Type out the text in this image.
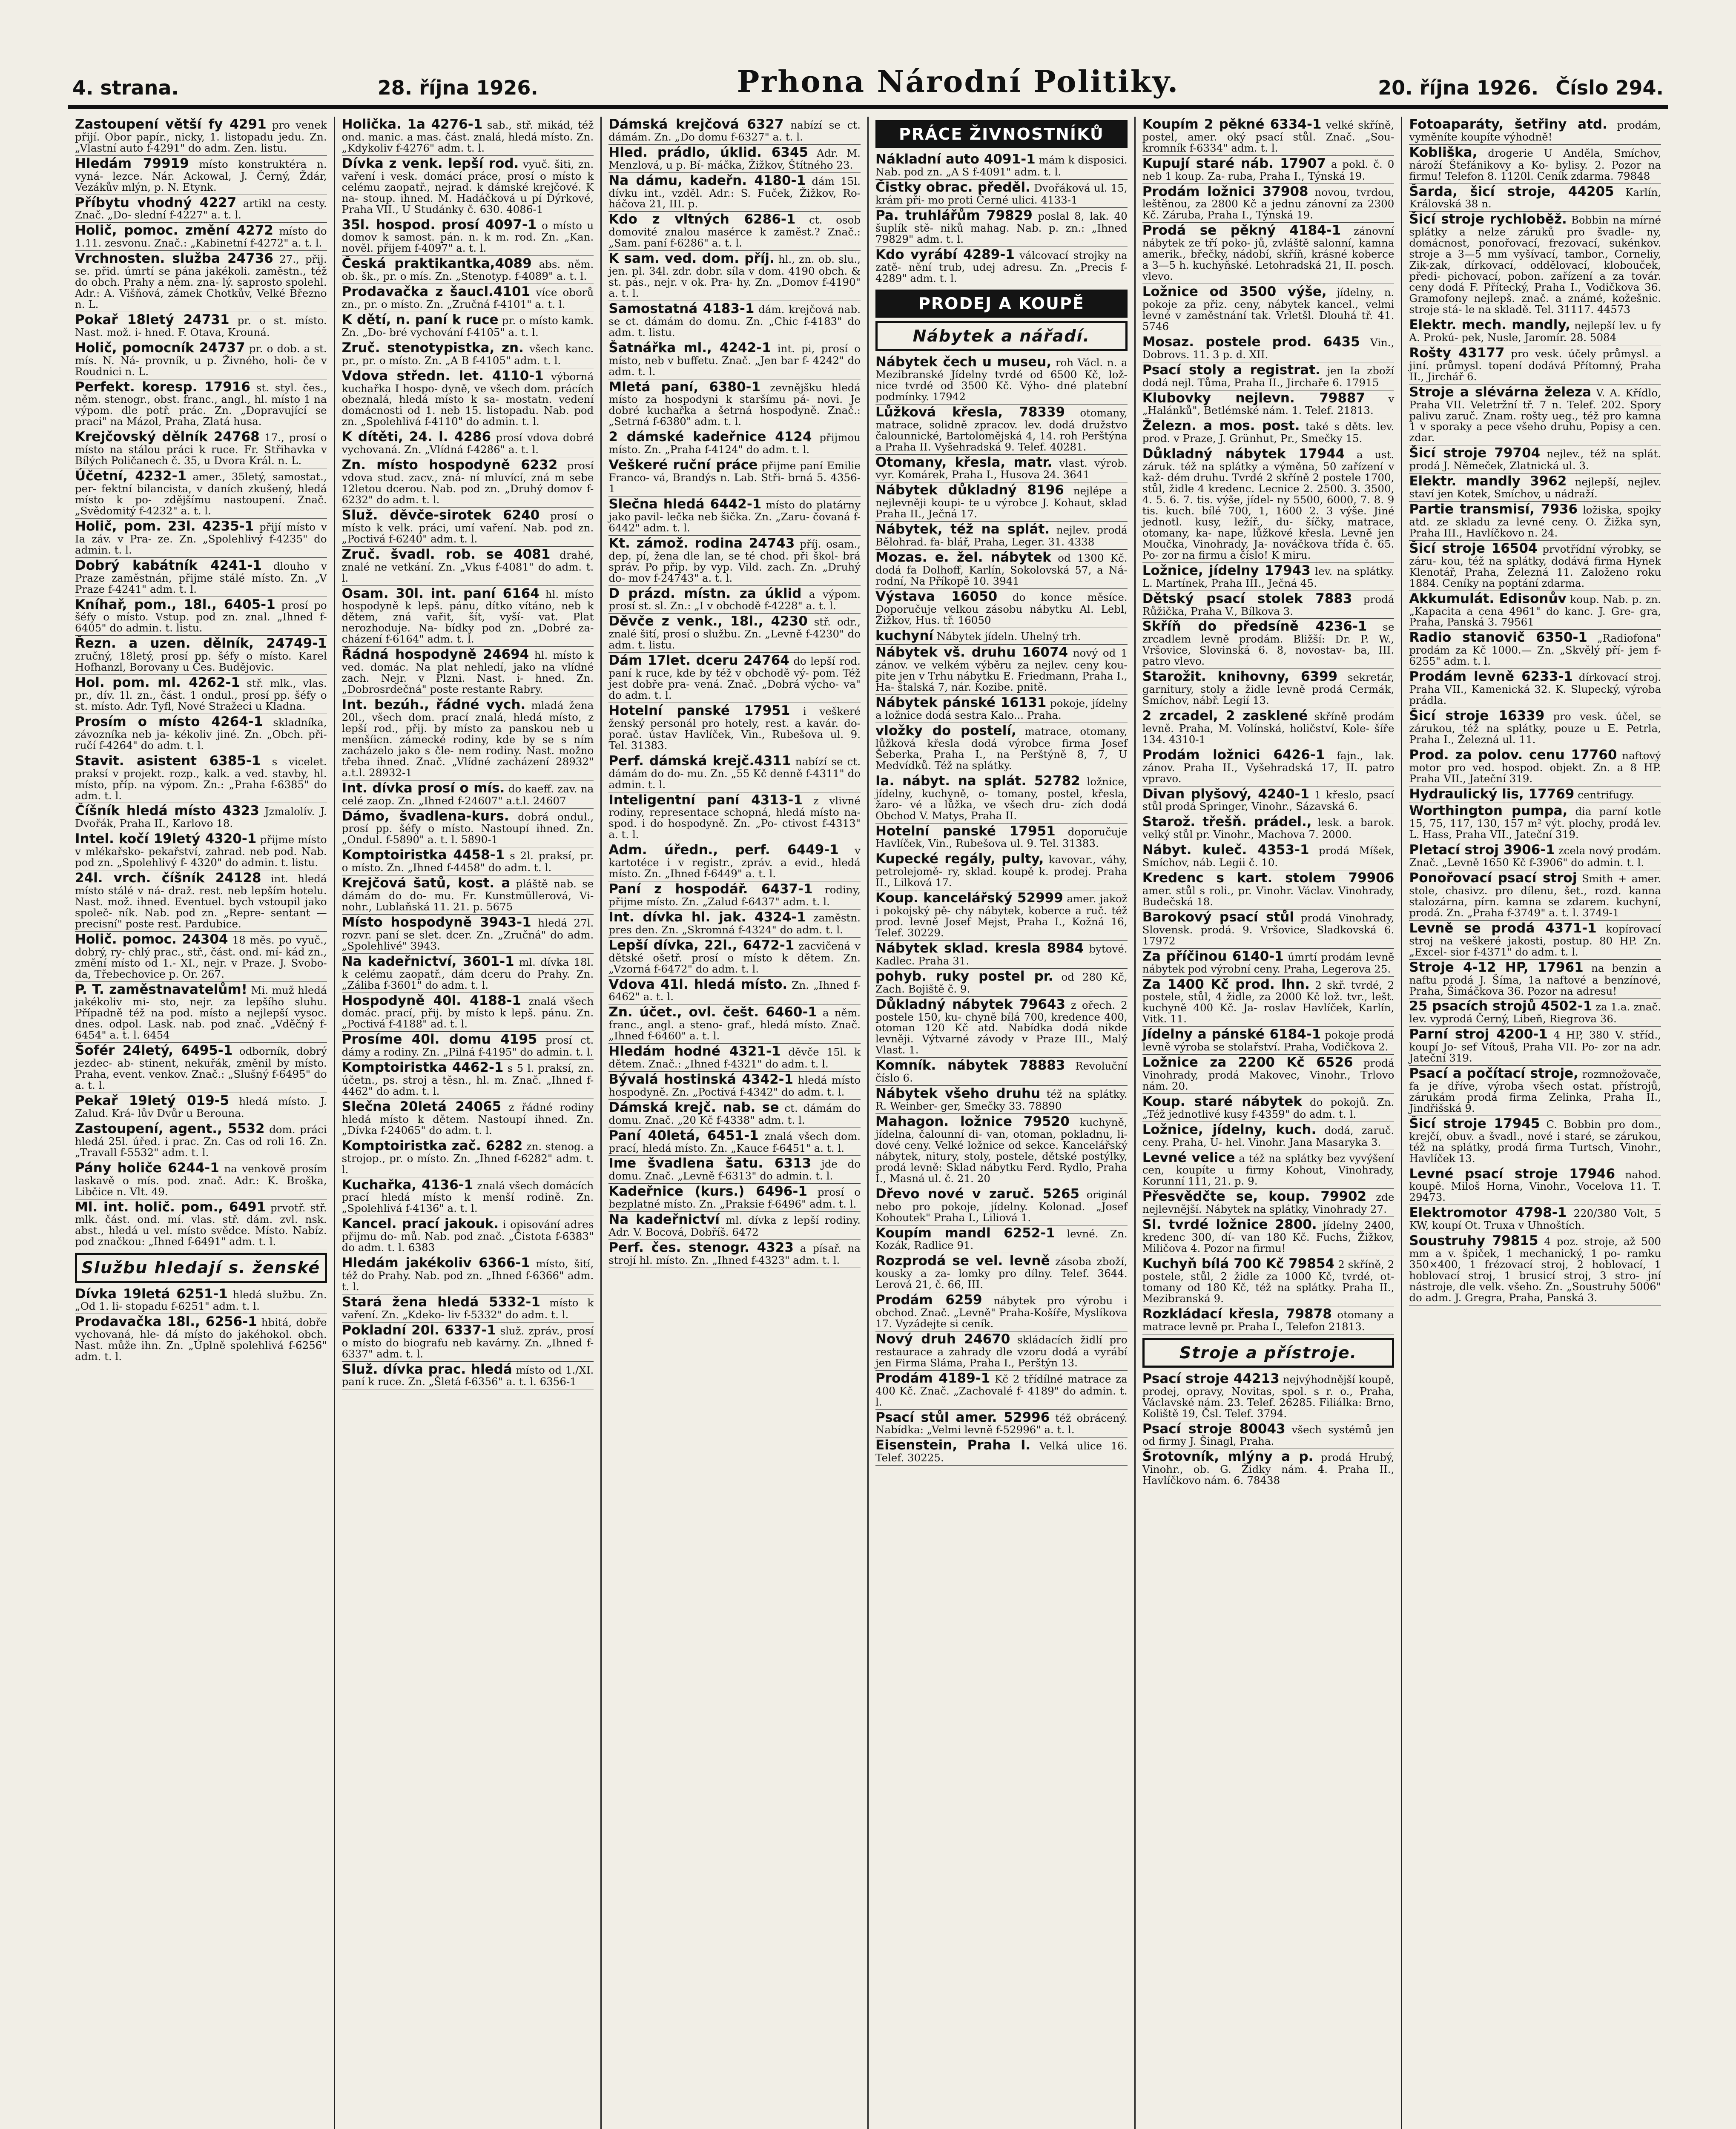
4. strana.	28. října 1926.	Prhona Národní Politiky.	20. října 1926. Číslo 294.
Zastoupení větší fy 4291 pro venek přijí. Obor papír., nicky, 1. listopadu jedu. Zn. „Vlastní auto f-4291" do adm. Zen. listu.
Hledám 79919 místo konstruktéra n. vyná- lezce. Nár. Ackowal, J. Černý, Ždár, Vezákův mlýn, p. N. Etynk.
Příbytu vhodný 4227 artikl na cesty. Znač. „Do- slední f-4227" a. t. l.
Holič, pomoc. změní 4272 místo do 1.11. zesvonu. Znač.: „Kabinetní f-4272" a. t. l.
Vrchnosten. služba 24736 27., přij. se. přid. úmrtí se pána jakékoli. zaměstn., též do obch. Prahy a něm. zna- lý. saprosto spolehl. Adr.: A. Višňová, zámek Chotkův, Velké Březno n. L.
Pokař 18letý 24731 pr. o st. místo. Nast. mož. i- hned. F. Otava, Krouná.
Holič, pomocník 24737 pr. o dob. a st. mís. N. Ná- provník, u p. Živného, holi- če v Roudnici n. L.
Perfekt. koresp. 17916 st. styl. čes., něm. stenogr., obst. franc., angl., hl. místo 1 na výpom. dle potř. prác. Zn. „Dopravující se praci" na Mázol, Praha, Zlatá husa.
Krejčovský dělník 24768 17., prosí o místo na stálou práci k ruce. Fr. Střihavka v Bílých Poličanech č. 35, u Dvora Král. n. L.
Účetní, 4232-1 amer., 35letý, samostat., per- fektní bilancista, v daních zkušený, hledá místo k po- zdějšímu nastoupení. Znač. „Svědomitý f-4232" a. t. l.
Holič, pom. 23l. 4235-1 přijí místo v Ia záv. v Pra- ze. Zn. „Spolehlivý f-4235" do admin. t. l.
Dobrý kabátník 4241-1 dlouho v Praze zaměstnán, přijme stálé místo. Zn. „V Praze f-4241" adm. t. l.
Kníhař, pom., 18l., 6405-1 prosí po šéfy o místo. Vstup. pod zn. znal. „Ihned f-6405" do admin. t. listu.
Řezn. a uzen. dělník, 24749-1 zručný, 18letý, prosí pp. šéfy o místo. Karel Hofhanzl, Borovany u Čes. Budějovic.
Hol. pom. ml. 4262-1 stř. mlk., vlas. pr., dív. 1l. zn., část. 1 ondul., prosí pp. šéfy o st. místo. Adr. Tyfl, Nové Stražeci u Kladna.
Prosím o místo 4264-1 skladníka, závozníka neb ja- kékoliv jiné. Zn. „Obch. při- ručí f-4264" do adm. t. l.
Stavit. asistent 6385-1 s vicelet. praksí v projekt. rozp., kalk. a ved. stavby, hl. místo, příp. na výpom. Zn.: „Praha f-6385" do adm. t. l.
Číšník hledá místo 4323 Jzmalolív. J. Dvořák, Praha II., Karlovo 18.
Intel. kočí 19letý 4320-1 přijme místo v mlékařsko- pekařství, zahrad. neb pod. Nab. pod zn. „Spolehlivý f- 4320" do admin. t. listu.
24l. vrch. číšník 24128 int. hledá místo stálé v ná- draž. rest. neb lepším hotelu. Nast. mož. ihned. Eventuel. bych vstoupil jako společ- ník. Nab. pod zn. „Repre- sentant — precisní" poste rest. Pardubice.
Holič. pomoc. 24304 18 měs. po vyuč., dobrý, ry- chlý prac., stř., část. ond. mí- kád zn., změní místo od 1.- XI., nejr. v Praze. J. Svobo- da, Třebechovice p. Or. 267.
P. T. zaměstnavatelům! Mi. muž hledá jakékoliv mi- sto, nejr. za lepšího sluhu. Případně též na pod. místo a nejlepší vysoc. dnes. odpol. Lask. nab. pod znač. „Vděčný f-6454" a. t. l. 6454
Šofér 24letý, 6495-1 odborník, dobrý jezdec- ab- stinent, nekuřák, změnil by místo. Praha, event. venkov. Znač.: „Slušný f-6495" do a. t. l.
Pekař 19letý 019-5 hledá místo. J. Zalud. Krá- lův Dvůr u Berouna.
Zastoupení, agent., 5532 dom. práci hledá 25l. úřed. i prac. Zn. Cas od roli 16. Zn. „Travall f-5532" adm. t. l.
Pány holiče 6244-1 na venkově prosím laskavě o mís. pod. znač. Adr.: K. Broška, Libčice n. Vlt. 49.
Ml. int. holič. pom., 6491 prvotř. stř. mlk. část. ond. mí. vlas. stř. dám. zvl. nsk. abst., hledá u vel. místo svědce. Místo. Nabíz. pod značkou: „Ihned f-6491" adm. t. l.
Službu hledají s. ženské
Dívka 19letá 6251-1 hledá službu. Zn. „Od 1. li- stopadu f-6251" adm. t. l.
Prodavačka 18l., 6256-1 hbitá, dobře vychovaná, hle- dá místo do jakéhokol. obch. Nast. může ihn. Zn. „Úplně spolehlivá f-6256" adm. t. l.
Holička. 1a 4276-1 sab., stř. mikád, též ond. manic. a mas. část. znalá, hledá místo. Zn. „Kdykoliv f-4276" adm. t. l.
Dívka z venk. lepší rod. vyuč. šiti, zn. vaření i vesk. domácí práce, prosí o místo k celému zaopatř., nejrad. k dámské krejčové. K na- stoup. ihned. M. Hadáčková u pí Dýrkové, Praha VII., U Studánky č. 630. 4086-1
35l. hospod. prosí 4097-1 o místo u domov k samost. pán. n. k m. rod. Zn. „Kan. nověl. přijem f-4097" a. t. l.
Česká praktikantka,4089 abs. něm. ob. šk., pr. o mís. Zn. „Stenotyp. f-4089" a. t. l.
Prodavačka z šaucl.4101 více oborů zn., pr. o místo. Zn. „Zručná f-4101" a. t. l.
K dětí, n. paní k ruce pr. o místo kamk. Zn. „Do- bré vychování f-4105" a. t. l.
Zruč. stenotypistka, zn. všech kanc. pr., pr. o místo. Zn. „A B f-4105" adm. t. l.
Vdova středn. let. 4110-1 výborná kuchařka I hospo- dyně, ve všech dom. prácích obeznalá, hledá místo k sa- mostatn. vedení domácnosti od 1. neb 15. listopadu. Nab. pod zn. „Spolehlivá f-4110" do admin. t. l.
K dítěti, 24. l. 4286 prosí vdova dobré vychovaná. Zn. „Vlídná f-4286" a. t. l.
Zn. místo hospodyně 6232 prosí vdova stud. zacv., zná- ní mluvící, zná m sebe 12letou dcerou. Nab. pod zn. „Druhý domov f-6232" do adm. t. l.
Služ. děvče-sirotek 6240 prosí o místo k velk. práci, umí vaření. Nab. pod zn. „Poctivá f-6240" adm. t. l.
Zruč. švadl. rob. se 4081 drahé, znalé ne vetkání. Zn. „Vkus f-4081" do adm. t. l.
Osam. 30l. int. paní 6164 hl. místo hospodyně k lepš. pánu, dítko vítáno, neb k dětem, zná vařit, šít, vyší- vat. Plat nerozhoduje. Na- bídky pod zn. „Dobré za- cházení f-6164" adm. t. l.
Řádná hospodyně 24694 hl. místo k ved. domác. Na plat nehledí, jako na vlídné zach. Nejr. v Plzni. Nast. i- hned. Zn. „Dobrosrdečná" poste restante Rabry.
Int. bezúh., řádné vych. mladá žena 20l., všech dom. prací znalá, hledá místo, z lepší rod., přij. by místo za panskou neb u menšíicn. zámecké rodiny, kde by se s ním zacházelo jako s čle- nem rodiny. Nast. možno třeba ihned. Znač. „Vlídné zacházení 28932" a.t.l. 28932-1
Int. dívka prosí o mís. do kaeff. zav. na celé zaop. Zn. „Ihned f-24607" a.t.l. 24607
Dámo, švadlena-kurs. dobrá ondul., prosí pp. šéfy o místo. Nastoupí ihned. Zn. „Ondul. f-5890" a. t. l. 5890-1
Komptoiristka 4458-1 s 2l. praksí, pr. o místo. Zn. „Ihned f-4458" do adm. t. l.
Krejčová šatů, kost. a pláště nab. se dámám do do- mu. Fr. Kunstmüllerová, Vi- nohr., Lublaňská 11. 21. p. 5675
Místo hospodyně 3943-1 hledá 27l. rozvr. paní se slet. dcer. Zn. „Zručná" do adm. „Spolehlivé" 3943.
Na kadeřnictví, 3601-1 ml. dívka 18l. k celému zaopatř., dám dceru do Prahy. Zn. „Záliba f-3601" do adm. t. l.
Hospodyně 40l. 4188-1 znalá všech domác. prací, přij. by místo k lepš. pánu. Zn. „Poctivá f-4188" ad. t. l.
Prosíme 40l. domu 4195 prosí ct. dámy a rodiny. Zn. „Pilná f-4195" do admin. t. l.
Komptoiristka 4462-1 s 5 l. praksí, zn. účetn., ps. stroj a těsn., hl. m. Znač. „Ihned f-4462" do adm. t. l.
Slečna 20letá 24065 z řádné rodiny hledá místo k dětem. Nastoupí ihned. Zn. „Dívka f-24065" do adm. t. l.
Komptoiristka zač. 6282 zn. stenog. a strojop., pr. o místo. Zn. „Ihned f-6282" adm. t. l.
Kuchařka, 4136-1 znalá všech domácích prací hledá místo k menší rodině. Zn. „Spolehlivá f-4136" a. t. l.
Kancel. prací jakouk. i opisování adres přijmu do- mů. Nab. pod znač. „Čistota f-6383" do adm. t. l. 6383
Hledám jakékoliv 6366-1 místo, šití, též do Prahy. Nab. pod zn. „Ihned f-6366" adm. t. l.
Stará žena hledá 5332-1 místo k vaření. Zn. „Kdeko- liv f-5332" do adm. t. l.
Pokladní 20l. 6337-1 služ. zpráv., prosí o místo do biografu neb kavárny. Zn. „Ihned f-6337" adm. t. l.
Služ. dívka prac. hledá místo od 1./XI. paní k ruce. Zn. „Šletá f-6356" a. t. l. 6356-1
Dámská krejčová 6327 nabízí se ct. dámám. Zn. „Do domu f-6327" a. t. l.
Hled. prádlo, úklid. 6345 Adr. M. Menzlová, u p. Bí- máčka, Žižkov, Štítného 23.
Na dámu, kadeřn. 4180-1 dám 15l. dívku int., vzděl. Adr.: S. Fuček, Žižkov, Ro- háčova 21, III. p.
Kdo z vltných 6286-1 ct. osob domovité znalou masérce k zaměst.? Znač.: „Sam. paní f-6286" a. t. l.
K sam. ved. dom. příj. hl., zn. ob. slu., jen. pl. 34l. zdr. dobr. síla v dom. 4190 obch. & st. pás., nejr. v ok. Pra- hy. Zn. „Domov f-4190" a. t. l.
Samostatná 4183-1 dám. krejčová nab. se ct. dámám do domu. Zn. „Chic f-4183" do adm. t. listu.
Šatnářka ml., 4242-1 int. pi, prosí o místo, neb v buffetu. Znač. „Jen bar f- 4242" do adm. t. l.
Mletá paní, 6380-1 zevnějšku hledá místo za hospodyni k staršímu pá- novi. Je dobré kuchařka a šetrná hospodyně. Znač.: „Setrná f-6380" adm. t. l.
2 dámské kadeřnice 4124 přijmou místo. Zn. „Praha f-4124" do adm. t. l.
Veškeré ruční práce přijme paní Emilie Franco- vá, Brandýs n. Lab. Stři- brná 5. 4356-1
Slečna hledá 6442-1 místo do platárny jako pavil- lečka neb šička. Zn. „Zaru- čovaná f-6442" adm. t. l.
Kt. zámož. rodina 24743 příj. osam., dep. pí, žena dle lan, se té chod. při škol- brá správ. Po přip. by vyp. Vild. zach. Zn. „Druhý do- mov f-24743" a. t. l.
D prázd. místn. za úklid a výpom. prosí st. sl. Zn.: „I v obchodě f-4228" a. t. l.
Děvče z venk., 18l., 4230 stř. odr., znalé šití, prosí o službu. Zn. „Levně f-4230" do adm. t. listu.
Dám 17let. dceru 24764 do lepší rod. paní k ruce, kde by též v obchodě vý- pom. Též jest dobře pra- vená. Znač. „Dobrá výcho- va" do adm. t. l.
Hotelní panské 17951 i veškeré ženský personál pro hotely, rest. a kavár. do- porač. ústav Havlíček, Vin., Rubešova ul. 9. Tel. 31383.
Perf. dámská krejč.4311 nabízí se ct. dámám do do- mu. Zn. „55 Kč denně f-4311" do admin. t. l.
Inteligentní paní 4313-1 z vlivné rodiny, representace schopná, hledá místo na- spod. i do hospodyně. Zn. „Po- ctivost f-4313" a. t. l.
Adm. úředn., perf. 6449-1 v kartotéce i v registr., zpráv. a evid., hledá místo. Zn. „Ihned f-6449" a. t. l.
Paní z hospodář. 6437-1 rodiny, přijme místo. Zn. „Zalud f-6437" adm. t. l.
Int. dívka hl. jak. 4324-1 zaměstn. pres den. Zn. „Skromná f-4324" do adm. t. l.
Lepší dívka, 22l., 6472-1 zacvičená v dětské ošetř. prosí o místo k dětem. Zn. „Vzorná f-6472" do adm. t. l.
Vdova 41l. hledá místo. Zn. „Ihned f-6462" a. t. l.
Zn. účet., ovl. češt. 6460-1 a něm. franc., angl. a steno- graf., hledá místo. Znač. „Ihned f-6460" a. t. l.
Hledám hodné 4321-1 děvče 15l. k dětem. Znač.: „Ihned f-4321" do adm. t. l.
Bývalá hostinská 4342-1 hledá místo hospodyně. Zn. „Poctivá f-4342" do adm. t. l.
Dámská krejč. nab. se ct. dámám do domu. Znač. „20 Kč f-4338" adm. t. l.
Paní 40letá, 6451-1 znalá všech dom. prací, hledá místo. Zn. „Kauce f-6451" a. t. l.
Ime švadlena šatu. 6313 jde do domu. Znač. „Levně f-6313" do admin. t. l.
Kadeřnice (kurs.) 6496-1 prosí o bezplatné místo. Zn. „Praksie f-6496" adm. t. l.
Na kadeřnictví ml. dívka z lepší rodiny. Adr. V. Bocová, Dobříš. 6472
Perf. čes. stenogr. 4323 a písař. na strojí hl. místo. Zn. „Ihned f-4323" adm. t. l.
PRÁCE ŽIVNOSTNÍKŮ
Nákladní auto 4091-1 mám k disposici. Nab. pod zn. „A S f-4091" adm. t. l.
Čistky obrac. předěl. Dvořáková ul. 15, krám při- mo proti Černé ulici. 4133-1
Pa. truhlářům 79829 poslal 8, lak. 40 šuplík stě- niků mahag. Nab. p. zn.: „Ihned 79829" adm. t. l.
Kdo vyrábí 4289-1 válcovací strojky na zatě- nění trub, udej adresu. Zn. „Precis f-4289" adm. t. l.
PRODEJ A KOUPĚ
Nábytek a nářadí.
Nábytek čech u museu, roh Václ. n. a Mezibranské Jídelny tvrdé od 6500 Kč, lož- nice tvrdé od 3500 Kč. Výho- dné platební podmínky. 17942
Lůžková křesla, 78339 otomany, matrace, solidně zpracov. lev. dodá družstvo čalounnické, Bartolomějská 4, 14. roh Perštýna a Praha II. Vyšehradská 9. Telef. 40281.
Otomany, křesla, matr. vlast. výrob. vyr. Komárek, Praha I., Husova 24. 3641
Nábytek důkladný 8196 nejlépe a nejlevněji koupi- te u výrobce J. Kohaut, sklad Praha II., Ječná 17.
Nábytek, též na splát. nejlev. prodá Bělohrad. fa- blář, Praha, Leger. 31. 4338
Mozas. e. žel. nábytek od 1300 Kč. dodá fa Dolhoff, Karlín, Sokolovská 57, a Ná- rodní, Na Příkopě 10. 3941
Výstava 16050 do konce měsíce. Doporučuje velkou zásobu nábytku Al. Lebl, Žižkov, Hus. tř. 16050
kuchyní Nábytek jídeln. Uhelný trh.
Nábytek vš. druhu 16074 nový od 1 zánov. ve velkém výběru za nejlev. ceny kou- pite jen v Trhu nábytku E. Friedmann, Praha I., Ha- štalská 7, nár. Kozibe. pnitě.
Nábytek pánské 16131 pokoje, jídelny a ložnice dodá sestra Kalo... Praha.
vložky do postelí, matrace, otomany, lůžková křesla dodá výrobce firma Josef Šeberka, Praha I., na Perštýně 8, 7, U Medvídků. Též na splátky.
Ia. nábyt. na splát. 52782 ložnice, jídelny, kuchyně, o- tomany, postel, křesla, žaro- vé a lůžka, ve všech dru- zích dodá Obchod V. Matys, Praha II.
Hotelní panské 17951 doporučuje Havlíček, Vin., Rubešova ul. 9. Tel. 31383.
Kupecké regály, pulty, kavovar., váhy, petrolejomě- ry, sklad. koupě k. prodej. Praha II., Lilková 17.
Koup. kancelářský 52999 amer. jakož i pokojský pě- chy nábytek, koberce a ruč. též prod. levně Josef Mejst, Praha I., Kožná 16, Telef. 30229.
Nábytek sklad. kresla 8984 bytové. Kadlec. Praha 31.
pohyb. ruky postel pr. od 280 Kč, Zach. Bojiště č. 9.
Důkladný nábytek 79643 z ořech. 2 postele 150, ku- chyně bílá 700, kredence 400, otoman 120 Kč atd. Nabídka dodá nikde levněji. Výtvarné závody v Praze III., Malý Vlast. 1.
Komník. nábytek 78883 Revoluční číslo 6.
Nábytek všeho druhu též na splátky. R. Weinber- ger, Smečky 33. 78890
Mahagon. ložnice 79520 kuchyně, jídelna, čalounní di- van, otoman, pokladnu, li- dové ceny. Velké ložnice od sekce. Kancelářský nábytek, nitury, stoly, postele, dětské postýlky, prodá levně: Sklad nábytku Ferd. Rydlo, Praha I., Masná ul. č. 21. 20
Dřevo nové v zaruč. 5265 originál nebo pro pokoje, jídelny. Kolonad. „Josef Kohoutek" Praha I., Liliová 1.
Koupím mandl 6252-1 levné. Zn. Kozák, Radlice 91.
Rozprodá se vel. levně zásoba zboží, kousky a za- lomky pro dílny. Telef. 3644. Lerová 21, č. 66, III.
Prodám 6259 nábytek pro výrobu i obchod. Znač. „Levně" Praha-Košíře, Myslíkova 17. Vyzádejte si ceník.
Nový druh 24670 skládacích židlí pro restaurace a zahrady dle vzoru dodá a vyrábí jen Firma Sláma, Praha I., Perštýn 13.
Prodám 4189-1 Kč 2 třídílné matrace za 400 Kč. Znač. „Zachovalé f- 4189" do admin. t. l.
Psací stůl amer. 52996 též obrácený. Nabídka: „Velmi levně f-52996" a. t. l.
Eisenstein, Praha I. Velká ulice 16. Telef. 30225.
Koupím 2 pěkné 6334-1 velké skříně, postel, amer. oký psací stůl. Znač. „Sou- kromník f-6334" adm. t. l.
Kupují staré náb. 17907 a pokl. č. 0 neb 1 koup. Za- ruba, Praha I., Týnská 19.
Prodám ložnici 37908 novou, tvrdou, leštěnou, za 2800 Kč a jednu zánovní za 2300 Kč. Záruba, Praha I., Týnská 19.
Prodá se pěkný 4184-1 zánovní nábytek ze tří poko- jů, zvláště salonní, kamna amerik., břečky, nádobí, skříň, krásné koberce a 3—5 h. kuchyňské. Letohradská 21, II. posch. vlevo.
Ložnice od 3500 výše, jídelny, n. pokoje za přiz. ceny, nábytek kancel., velmi levné v zaměstnání tak. Vrletšl. Dlouhá tř. 41. 5746
Mosaz. postele prod. 6435 Vin., Dobrovs. 11. 3 p. d. XII.
Psací stoly a registrat. jen Ia zboží dodá nejl. Tůma, Praha II., Jirchaře 6. 17915
Klubovky nejlevn. 79887 v „Halánků", Betlémské nám. 1. Telef. 21813.
Železn. a mos. post. také s děts. lev. prod. v Praze, J. Grünhut, Pr., Smečky 15.
Důkladný nábytek 17944 a ust. záruk. též na splátky a výměna, 50 zařízení v kaž- dém druhu. Tvrdé 2 skříně 2 postele 1700, stůl, židle 4 kredenc. Lecnice 2. 2500. 3. 3500, 4. 5. 6. 7. tis. výše, jídel- ny 5500, 6000, 7. 8. 9 tis. kuch. bílé 700, 1, 1600 2. 3 výše. Jiné jednotl. kusy, ležíř., du- šíčky, matrace, otomany, ka- nape, lůžkové křesla. Levně jen Moučka, Vinohrady, Ja- nováčkova třída č. 65. Po- zor na firmu a číslo! K miru.
Ložnice, jídelny 17943 lev. na splátky. L. Martínek, Praha III., Ječná 45.
Dětský psací stolek 7883 prodá Růžička, Praha V., Bílkova 3.
Skříň do předsíně 4236-1 se zrcadlem levně prodám. Bližší: Dr. P. W., Vršovice, Slovinská 6. 8, novostav- ba, III. patro vlevo.
Starožit. knihovny, 6399 sekretár, garnitury, stoly a židle levně prodá Cermák, Smíchov, nábř. Legií 13.
2 zrcadel, 2 zasklené skříně prodám levně. Praha, M. Volínská, holičství, Kole- šíře 134. 4310-1
Prodám ložnici 6426-1 fajn., lak. zánov. Praha II., Vyšehradská 17, II. patro vpravo.
Divan plyšový, 4240-1 1 křeslo, psací stůl prodá Springer, Vinohr., Sázavská 6.
Starož. třešň. prádel., lesk. a barok. velký stůl pr. Vinohr., Machova 7. 2000.
Nábyt. kuleč. 4353-1 prodá Míšek, Smíchov, náb. Legii č. 10.
Kredenc s kart. stolem 79906 amer. stůl s roli., pr. Vinohr. Václav. Vinohrady, Budečská 18.
Barokový psací stůl prodá Vinohrady, Slovensk. prodá. 9. Vršovice, Sladkovská 6. 17972
Za příčinou 6140-1 úmrtí prodám levně nábytek pod výrobní ceny. Praha, Legerova 25.
Za 1400 Kč prod. lhn. 2 skř. tvrdé, 2 postele, stůl, 4 židle, za 2000 Kč lož. tvr., lešt. kuchyně 400 Kč. Ja- roslav Havlíček, Karlín, Vitk. 11.
Jídelny a pánské 6184-1 pokoje prodá levně výroba se stolařství. Praha, Vodičkova 2.
Ložnice za 2200 Kč 6526 prodá Vinohrady, prodá Makovec, Vinohr., Trlovo nám. 20.
Koup. staré nábytek do pokojů. Zn. „Též jednotlivé kusy f-4359" do adm. t. l.
Ložnice, jídelny, kuch. dodá, zaruč. ceny. Praha, U- hel. Vinohr. Jana Masaryka 3.
Levné velice a též na splátky bez vyvýšení cen, koupíte u firmy Kohout, Vinohrady, Korunní 111, 21. p. 9.
Přesvědčte se, koup. 79902 zde nejlevnější. Nábytek na splátky, Vinohrady 27.
Sl. tvrdé ložnice 2800. jídelny 2400, kredenc 300, dí- van 180 Kč. Fuchs, Žižkov, Miličova 4. Pozor na firmu!
Kuchyň bílá 700 Kč 79854 2 skříně, 2 postele, stůl, 2 židle za 1000 Kč, tvrdé, ot- tomany od 180 Kč, též na splátky. Praha II., Mezibranská 9.
Rozkládací křesla, 79878 otomany a matrace levně pr. Praha I., Telefon 21813.
Stroje a přístroje.
Psací stroje 44213 nejvýhodnější koupě, prodej, opravy, Novitas, spol. s r. o., Praha, Václavské nám. 23. Telef. 26285. Filiálka: Brno, Koliště 19, Čsl. Telef. 3794.
Psací stroje 80043 všech systémů jen od firmy J. Šinagl, Praha.
Šrotovník, mlýny a p. prodá Hrubý, Vinohr., ob. G. Židky nám. 4. Praha II., Havlíčkovo nám. 6. 78438
Fotoaparáty, šetřiny atd. prodám, vyměníte koupíte výhodně!
Kobliška, drogerie U Anděla, Smíchov, nároží Štefánikovy a Ko- bylisy. 2. Pozor na firmu! Telefon 8. 1120l. Ceník zdarma. 79848
Šarda, šicí stroje, 44205 Karlín, Královská 38 n.
Šicí stroje rychloběž. Bobbin na mírné splátky a nelze záruků pro švadle- ny, domácnost, ponořovací, frezovací, sukénkov. stroje a 3—5 mm vyšívací, tambor., Corneliy, Zik-zak, dírkovací, oddělovací, klobouček, předi- pichovací, pobon. zařízení a za továr. ceny dodá F. Přítecký, Praha I., Vodičkova 36. Gramofony nejlepš. znač. a známé, kožešnic. stroje stá- le na skladě. Tel. 31117. 44573
Elektr. mech. mandly, nejlepší lev. u fy A. Prokú- pek, Nusle, Jaromír. 28. 5084
Rošty 43177 pro vesk. účely průmysl. a jiní. průmysl. topení dodává Přítomný, Praha II., Jirchář 6.
Stroje a slévárna železa V. A. Křídlo, Praha VII. Veletržní tř. 7 n. Telef. 202. Spory palivu zaruč. Znam. rošty ueg., též pro kamna 1 v sporaky a pece všeho druhu, Popisy a cen. zdar.
Šicí stroje 79704 nejlev., též na splát. prodá J. Němeček, Zlatnická ul. 3.
Elektr. mandly 3962 nejlepší, nejlev. staví jen Kotek, Smíchov, u nádraží.
Partie transmisí, 7936 ložiska, spojky atd. ze skladu za levné ceny. O. Žižka syn, Praha III., Havlíčkovo n. 24.
Šicí stroje 16504 prvotřídní výrobky, se záru- kou, též na splátky, dodává firma Hynek Klenotář, Praha, Zelezná 11. Založeno roku 1884. Ceníky na poptání zdarma.
Akkumulát. Edisonův koup. Nab. p. zn. „Kapacita a cena 4961" do kanc. J. Gre- gra, Praha, Panská 3. 79561
Radio stanovič 6350-1 „Radiofona" prodám za Kč 1000.— Zn. „Skvělý pří- jem f-6255" adm. t. l.
Prodám levně 6233-1 dírkovací stroj. Praha VII., Kamenická 32. K. Slupecký, výroba prádla.
Šicí stroje 16339 pro vesk. účel, se zárukou, též na splátky, pouze u E. Petrla, Praha I., Železná ul. 11.
Prod. za polov. cenu 17760 naftový motor pro ved. hospod. objekt. Zn. a 8 HP. Praha VII., Jateční 319.
Hydraulický lis, 17769 centrifugy.
Worthington pumpa, dia parní kotle 15, 75, 117, 130, 157 m² výt. plochy, prodá lev. L. Hass, Praha VII., Jateční 319.
Pletací stroj 3906-1 zcela nový prodám. Znač. „Levně 1650 Kč f-3906" do admin. t. l.
Ponořovací psací stroj Smith + amer. stole, chasivz. pro dílenu, šet., rozd. kanna stalozárna, pírn. kamna se zdarem. kuchyní, prodá. Zn. „Praha f-3749" a. t. l. 3749-1
Levně se prodá 4371-1 kopírovací stroj na veškeré jakosti, postup. 80 HP. Zn. „Excel- sior f-4371" do adm. t. l.
Stroje 4-12 HP, 17961 na benzin a naftu prodá J. Šíma, 1a naftové a benzínové, Praha, Šimáčkova 36. Pozor na adresu!
25 psacích strojů 4502-1 za 1.a. znač. lev. vyprodá Černý, Libeň, Riegrova 36.
Parní stroj 4200-1 4 HP, 380 V. stříd., koupí Jo- sef Vítouš, Praha VII. Po- zor na adr. Jateční 319.
Psací a počítací stroje, rozmnožovače, fa je dříve, výroba všech ostat. přístrojů, zárukám prodá firma Zelinka, Praha II., Jindřišská 9.
Šicí stroje 17945 C. Bobbin pro dom., krejčí, obuv. a švadl., nové i staré, se zárukou, též na splátky, prodá firma Turtsch, Vinohr., Havlíček 13.
Levné psací stroje 17946 nahod. koupě. Miloš Horna, Vinohr., Vocelova 11. T. 29473.
Elektromotor 4798-1 220/380 Volt, 5 KW, koupí Ot. Truxa v Uhnoštích.
Soustruhy 79815 4 poz. stroje, až 500 mm a v. špiček, 1 mechanický, 1 po- ramku 350×400, 1 frézovací stroj, 2 hoblovací, 1 hoblovací stroj, 1 brusicí stroj, 3 stro- jní nástroje, dle velk. všeho. Zn. „Soustruhy 5006" do adm. J. Gregra, Praha, Panská 3.
